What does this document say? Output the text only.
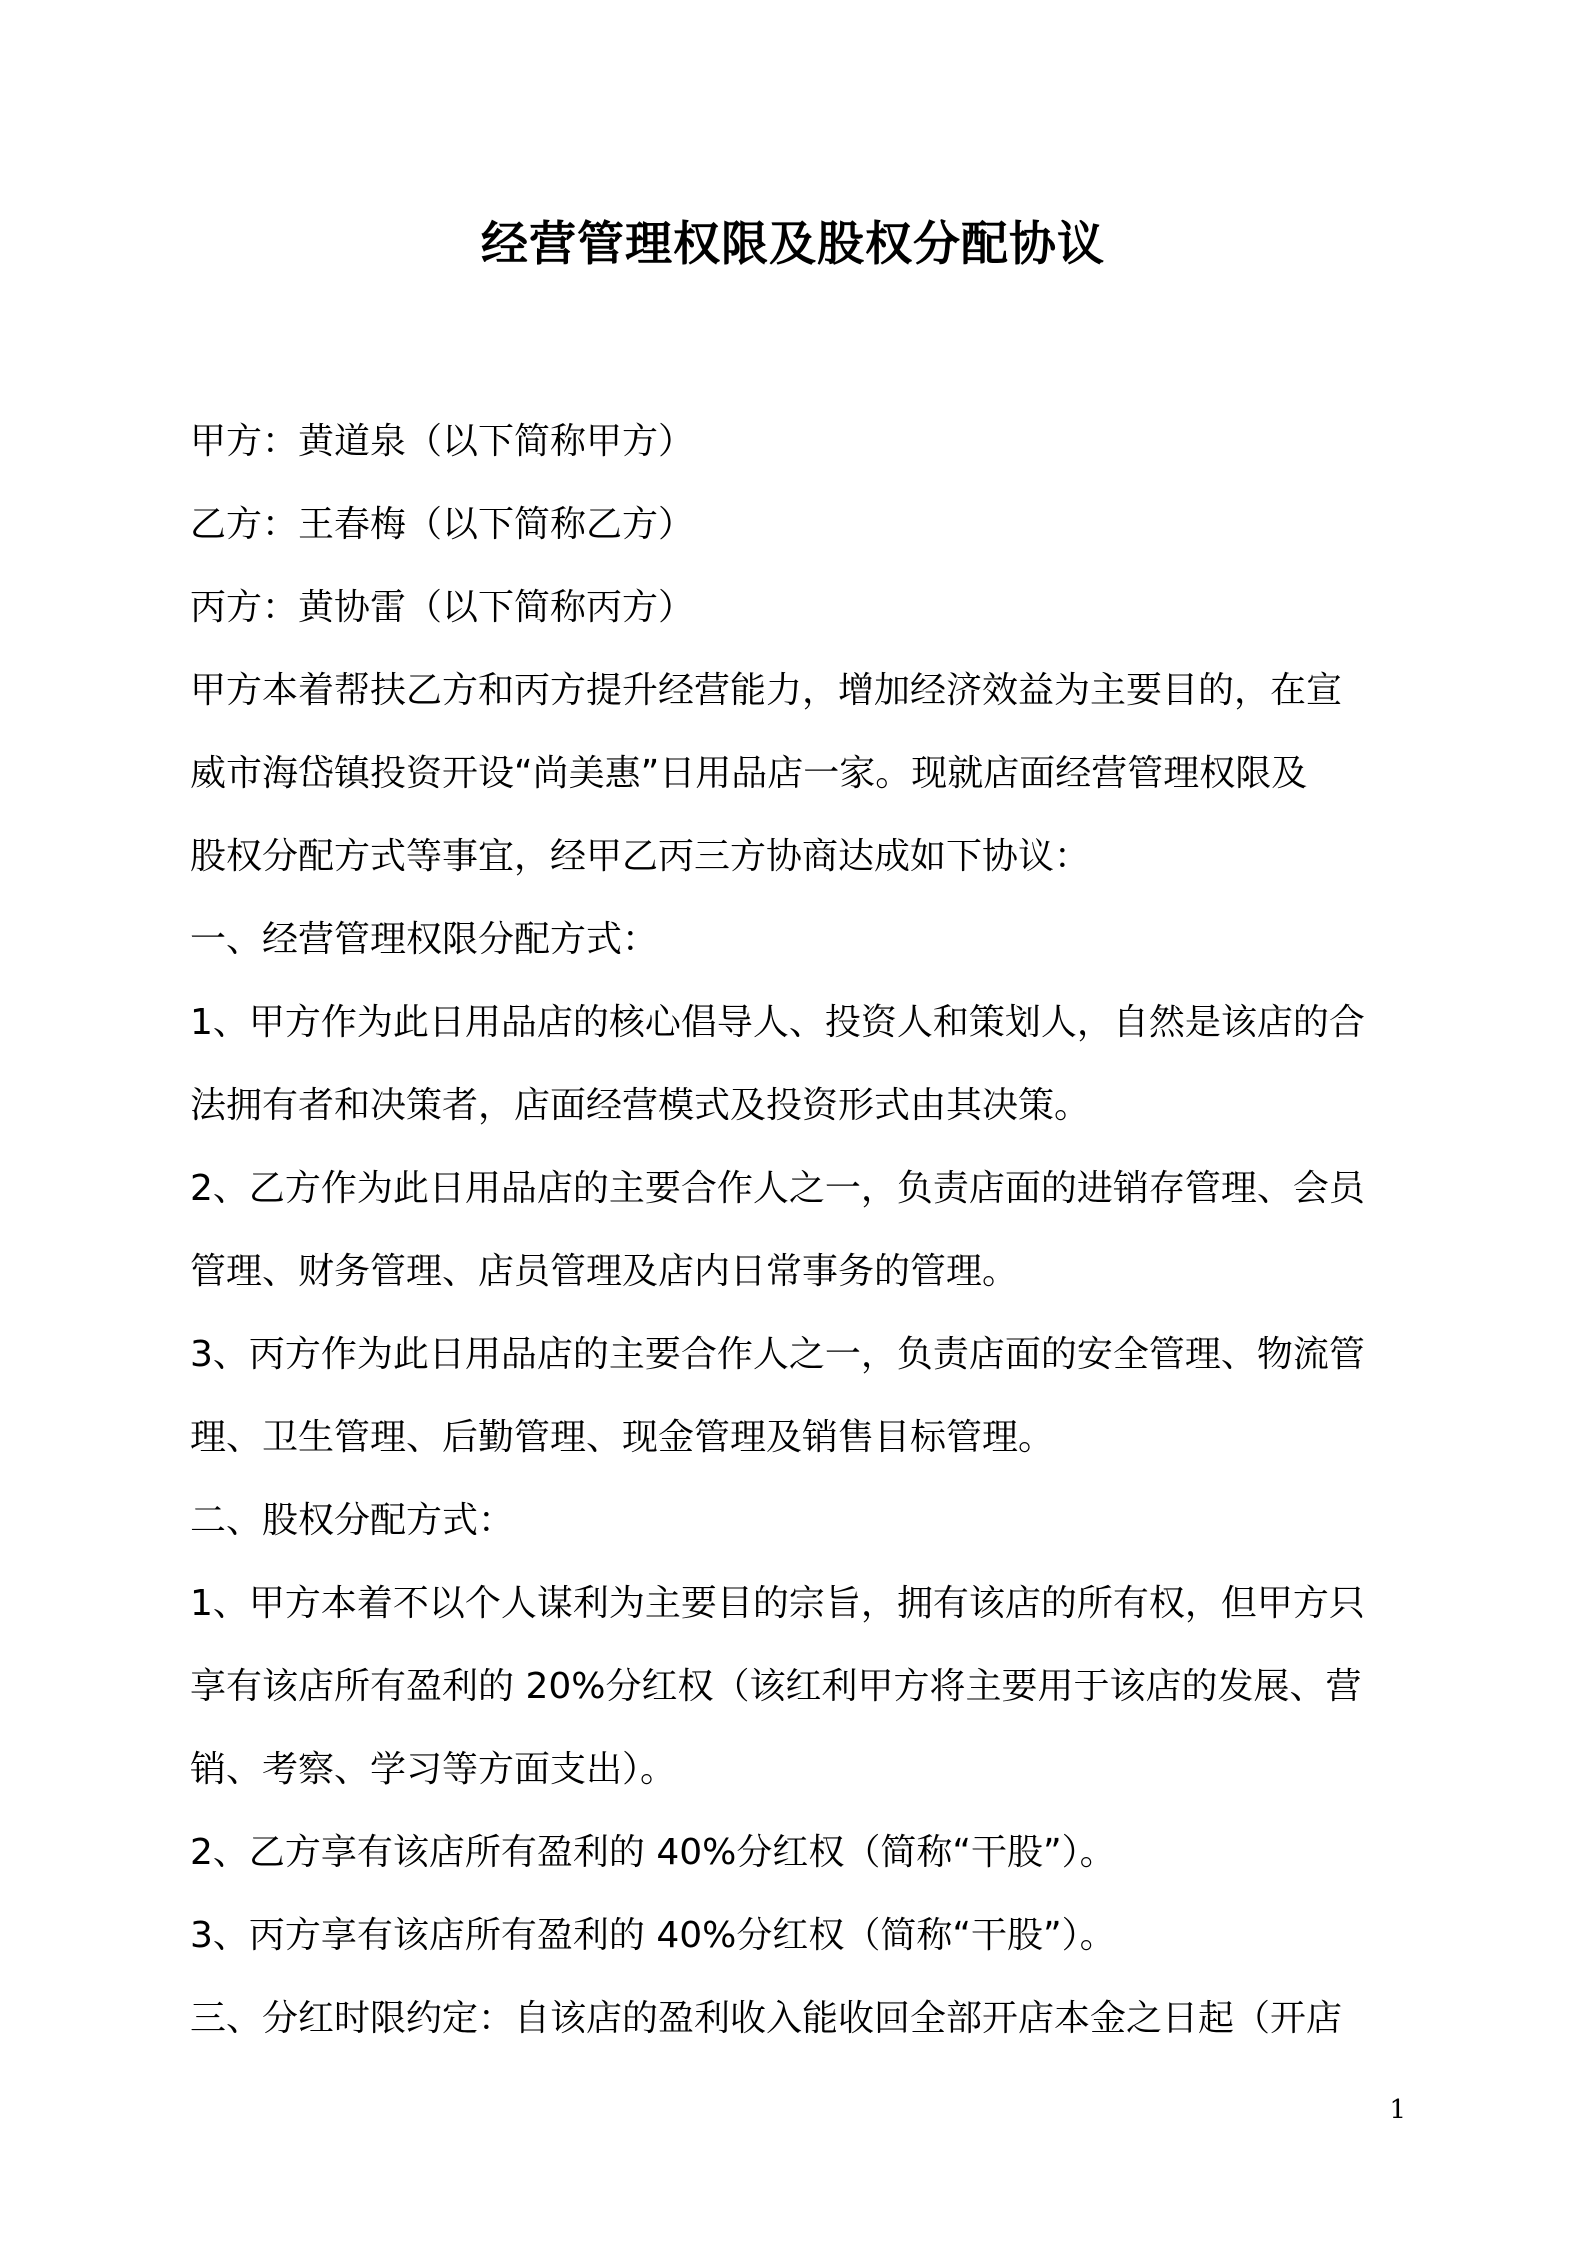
经营管理权限及股权分配协议
甲方：黄道泉（以下简称甲方）
乙方：王春梅（以下简称乙方）
丙方：黄协雷（以下简称丙方）
甲方本着帮扶乙方和丙方提升经营能力，增加经济效益为主要目的，在宣
威市海岱镇投资开设“尚美惠”日用品店一家。现就店面经营管理权限及
股权分配方式等事宜，经甲乙丙三方协商达成如下协议：
一、经营管理权限分配方式：
1、甲方作为此日用品店的核心倡导人、投资人和策划人，自然是该店的合
法拥有者和决策者，店面经营模式及投资形式由其决策。
2、乙方作为此日用品店的主要合作人之一，负责店面的进销存管理、会员
管理、财务管理、店员管理及店内日常事务的管理。
3、丙方作为此日用品店的主要合作人之一，负责店面的安全管理、物流管
理、卫生管理、后勤管理、现金管理及销售目标管理。
二、股权分配方式：
1、甲方本着不以个人谋利为主要目的宗旨，拥有该店的所有权，但甲方只
享有该店所有盈利的 20%分红权（该红利甲方将主要用于该店的发展、营
销、考察、学习等方面支出）。
2、乙方享有该店所有盈利的 40%分红权（简称“干股”）。
3、丙方享有该店所有盈利的 40%分红权（简称“干股”）。
三、分红时限约定：自该店的盈利收入能收回全部开店本金之日起（开店
1
